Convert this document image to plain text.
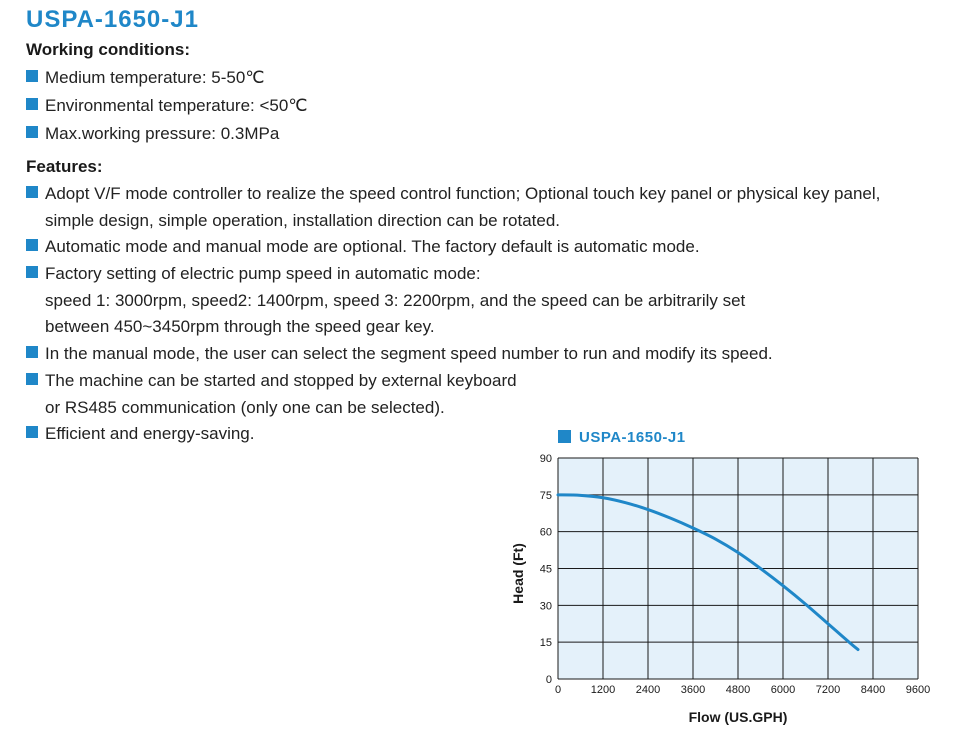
USPA-1650-J1
Working conditions:
Medium temperature: 5-50℃
Environmental temperature: <50℃
Max.working pressure: 0.3MPa
Features:
Adopt V/F mode controller to realize the speed control function; Optional touch key panel or physical key panel,
simple design, simple operation, installation direction can be rotated.
Automatic mode and manual mode are optional. The factory default is automatic mode.
Factory setting of electric pump speed in automatic mode:
speed 1: 3000rpm, speed2: 1400rpm, speed 3: 2200rpm, and the speed can be arbitrarily set
between 450~3450rpm through the speed gear key.
In the manual mode, the user can select the segment speed number to run and modify its speed.
The machine can be started and stopped by external keyboard
or RS485 communication (only one can be selected).
Efficient and energy-saving.	USPA-1650-J1
0
15
30
45
60
75
90
0	1200 2400 3600 4800 6000 7200 8400 9600
Flow (US.GPH)
Head (Ft)
